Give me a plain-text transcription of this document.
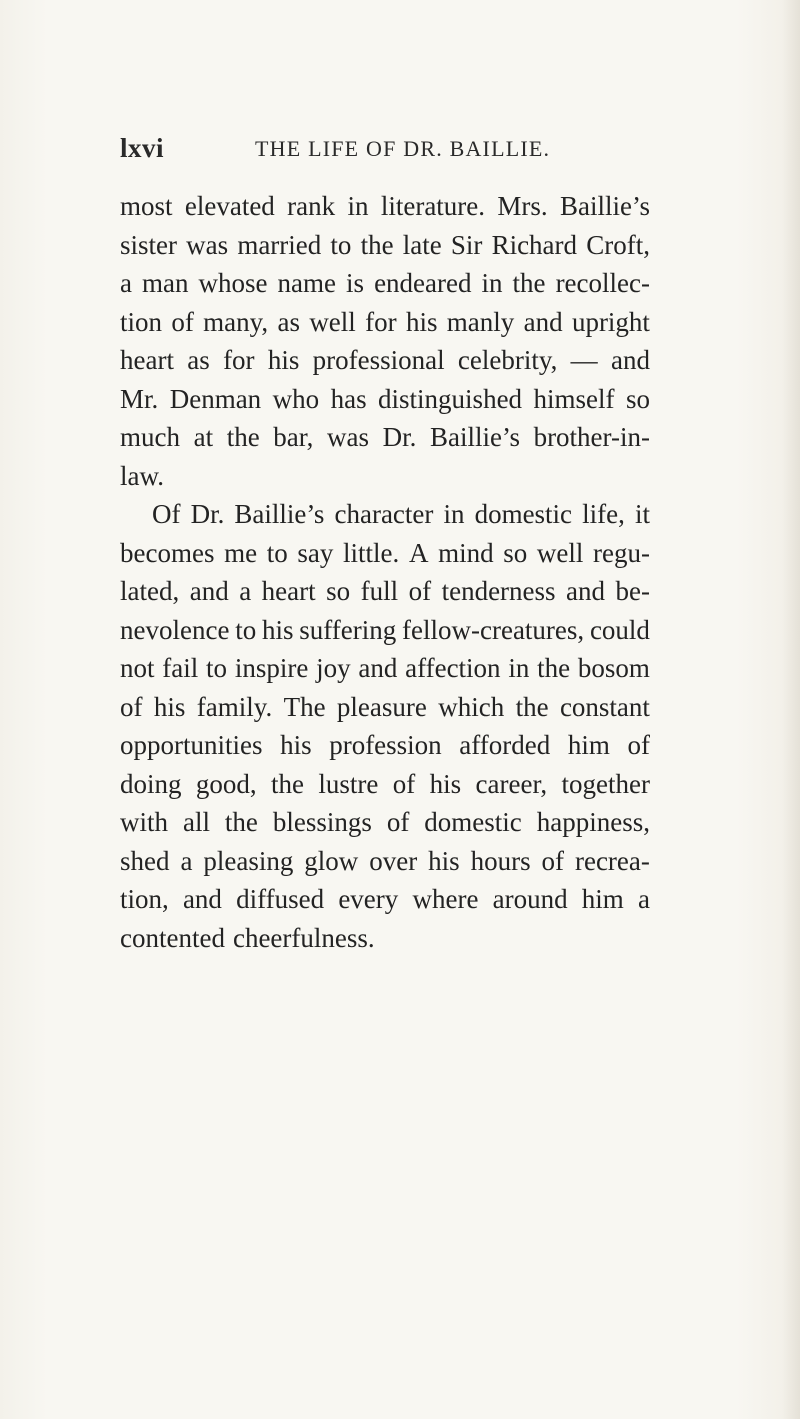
lxvi	THE LIFE OF DR. BAILLIE.
most elevated rank in literature. Mrs. Baillie’s
sister was married to the late Sir Richard Croft,
a man whose name is endeared in the recollec-
tion of many, as well for his manly and upright
heart as for his professional celebrity, — and
Mr. Denman who has distinguished himself so
much at the bar, was Dr. Baillie’s brother-in-
law.
Of Dr. Baillie’s character in domestic life, it
becomes me to say little. A mind so well regu-
lated, and a heart so full of tenderness and be-
nevolence to his suffering fellow-creatures, could
not fail to inspire joy and affection in the bosom
of his family. The pleasure which the constant
opportunities his profession afforded him of
doing good, the lustre of his career, together
with all the blessings of domestic happiness,
shed a pleasing glow over his hours of recrea-
tion, and diffused every where around him a
contented cheerfulness.
